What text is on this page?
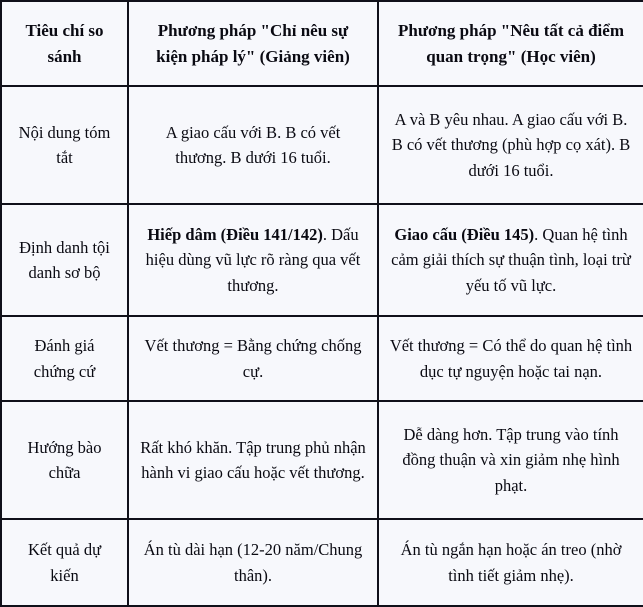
Tiêu chí so sánh	Phương pháp "Chỉ nêu sự kiện pháp lý" (Giảng viên)	Phương pháp "Nêu tất cả điểm quan trọng" (Học viên)
Nội dung tóm tắt	A giao cấu với B. B có vết thương. B dưới 16 tuổi.	A và B yêu nhau. A giao cấu với B. B có vết thương (phù hợp cọ xát). B dưới 16 tuổi.
Định danh tội danh sơ bộ	Hiếp dâm (Điều 141/142). Dấu hiệu dùng vũ lực rõ ràng qua vết thương.	Giao cấu (Điều 145). Quan hệ tình cảm giải thích sự thuận tình, loại trừ yếu tố vũ lực.
Đánh giá chứng cứ	Vết thương = Bằng chứng chống cự.	Vết thương = Có thể do quan hệ tình dục tự nguyện hoặc tai nạn.
Hướng bào chữa	Rất khó khăn. Tập trung phủ nhận hành vi giao cấu hoặc vết thương.	Dễ dàng hơn. Tập trung vào tính đồng thuận và xin giảm nhẹ hình phạt.
Kết quả dự kiến	Án tù dài hạn (12-20 năm/Chung thân).	Án tù ngắn hạn hoặc án treo (nhờ tình tiết giảm nhẹ).
